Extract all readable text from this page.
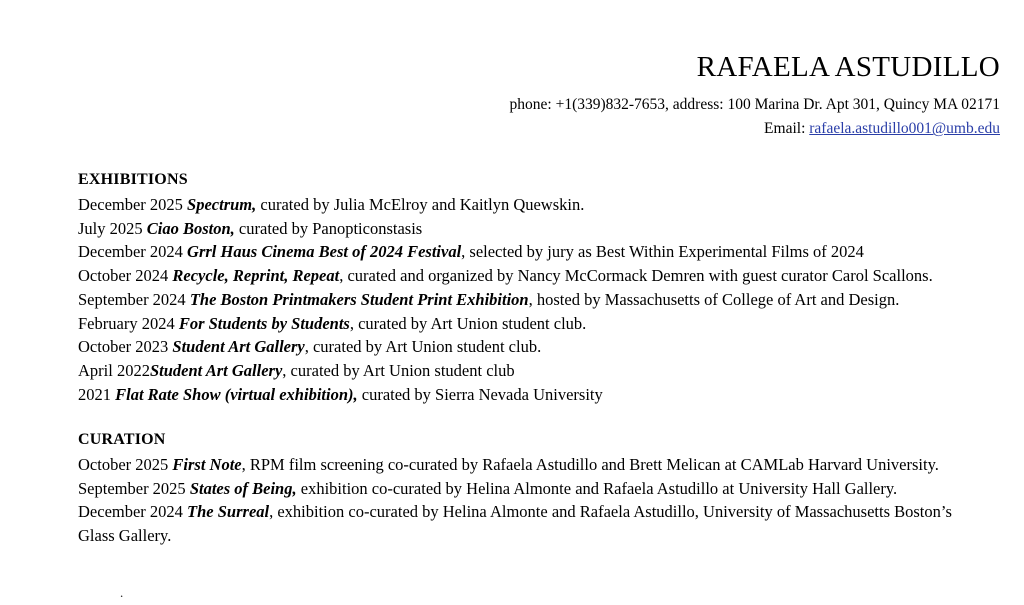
RAFAELA ASTUDILLO
phone: +1(339)832-7653, address: 100 Marina Dr. Apt 301, Quincy MA 02171
Email: rafaela.astudillo001@umb.edu
EXHIBITIONS

December 2025 Spectrum, curated by Julia McElroy and Kaitlyn Quewskin.

July 2025 Ciao Boston, curated by Panopticonstasis

December 2024 Grrl Haus Cinema Best of 2024 Festival, selected by jury as Best Within Experimental Films of 2024

October 2024 Recycle, Reprint, Repeat, curated and organized by Nancy McCormack Demren with guest curator Carol Scallons.

September 2024 The Boston Printmakers Student Print Exhibition, hosted by Massachusetts of College of Art and Design.

February 2024 For Students by Students, curated by Art Union student club.

October 2023 Student Art Gallery, curated by Art Union student club.

April 2022Student Art Gallery, curated by Art Union student club

2021 Flat Rate Show (virtual exhibition), curated by Sierra Nevada University

CURATION

October 2025 First Note, RPM film screening co-curated by Rafaela Astudillo and Brett Melican at CAMLab Harvard University.

September 2025 States of Being, exhibition co-curated by Helina Almonte and Rafaela Astudillo at University Hall Gallery.

December 2024 The Surreal, exhibition co-curated by Helina Almonte and Rafaela Astudillo, University of Massachusetts Boston’s Glass Gallery.

.
